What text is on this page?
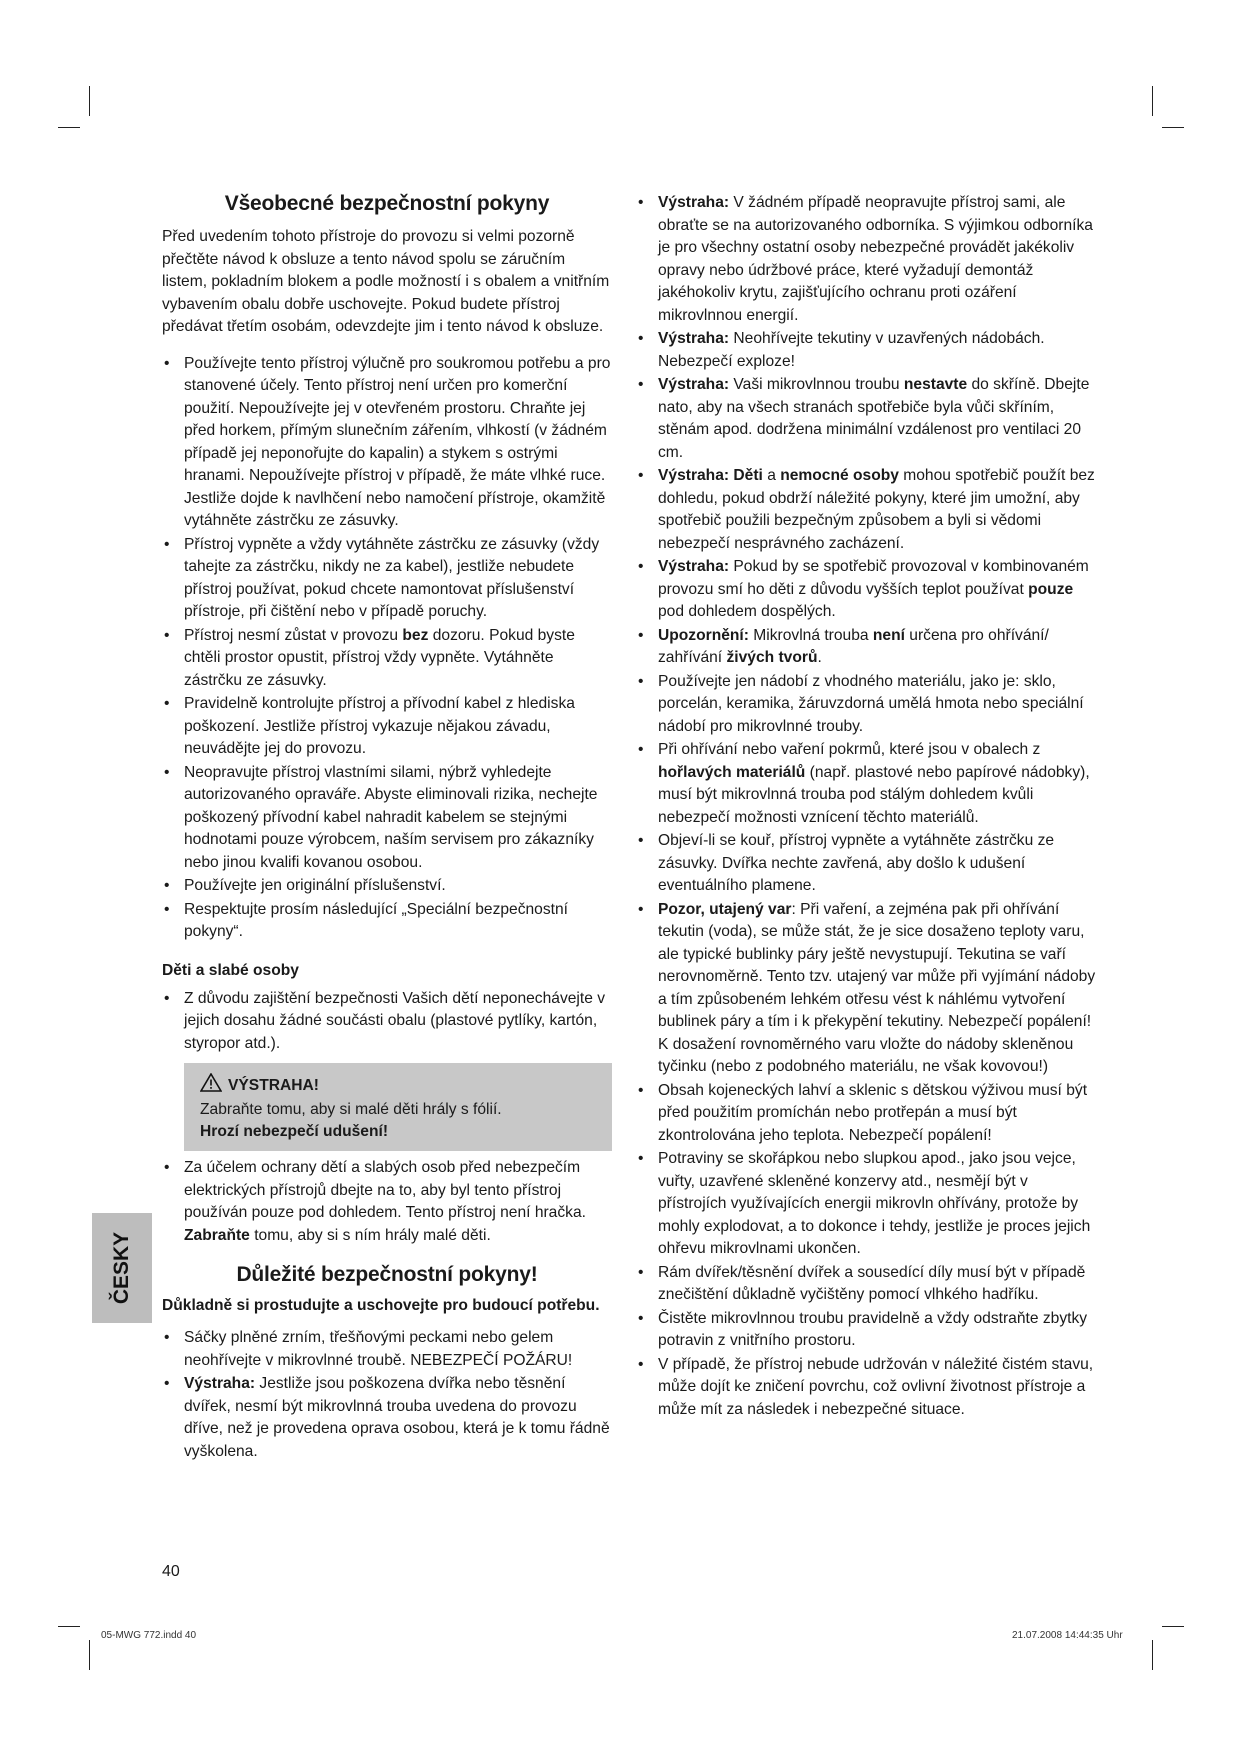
Všeobecné bezpečnostní pokyny

Před uvedením tohoto přístroje do provozu si velmi pozorně přečtěte návod k obsluze a tento návod spolu se záručním listem, pokladním blokem a podle možností i s obalem a vnitřním vybavením obalu dobře uschovejte. Pokud budete přístroj předávat třetím osobám, odevzdejte jim i tento návod k obsluze.

• Používejte tento přístroj výlučně pro soukromou potřebu a pro stanovené účely. Tento přístroj není určen pro komerční použití. Nepoužívejte jej v otevřeném prostoru. Chraňte jej před horkem, přímým slunečním zářením, vlhkostí (v žádném případě jej neponořujte do kapalin) a stykem s ostrými hranami. Nepoužívejte přístroj v případě, že máte vlhké ruce. Jestliže dojde k navlhčení nebo namočení přístroje, okamžitě vytáhněte zástrčku ze zásuvky.
• Přístroj vypněte a vždy vytáhněte zástrčku ze zásuvky (vždy tahejte za zástrčku, nikdy ne za kabel), jestliže nebudete přístroj používat, pokud chcete namontovat příslušenství přístroje, při čištění nebo v případě poruchy.
• Přístroj nesmí zůstat v provozu bez dozoru. Pokud byste chtěli prostor opustit, přístroj vždy vypněte. Vytáhněte zástrčku ze zásuvky.
• Pravidelně kontrolujte přístroj a přívodní kabel z hlediska poškození. Jestliže přístroj vykazuje nějakou závadu, neuvádějte jej do provozu.
• Neopravujte přístroj vlastními silami, nýbrž vyhledejte autorizovaného opraváře. Abyste eliminovali rizika, nechejte poškozený přívodní kabel nahradit kabelem se stejnými hodnotami pouze výrobcem, naším servisem pro zákazníky nebo jinou kvalifi kovanou osobou.
• Používejte jen originální příslušenství.
• Respektujte prosím následující „Speciální bezpečnostní pokyny“.
Děti a slabé osoby
• Z důvodu zajištění bezpečnosti Vašich dětí neponechávejte v jejich dosahu žádné součásti obalu (plastové pytlíky, kartón, styropor atd.).
VÝSTRAHA!
Zabraňte tomu, aby si malé děti hrály s fólií.
Hrozí nebezpečí udušení!
• Za účelem ochrany dětí a slabých osob před nebezpečím elektrických přístrojů dbejte na to, aby byl tento přístroj používán pouze pod dohledem. Tento přístroj není hračka. Zabraňte tomu, aby si s ním hrály malé děti.
Důležité bezpečnostní pokyny!
Důkladně si prostudujte a uschovejte pro budoucí potřebu.
• Sáčky plněné zrním, třešňovými peckami nebo gelem neohřívejte v mikrovlnné troubě. NEBEZPEČÍ POŽÁRU!
• Výstraha: Jestliže jsou poškozena dvířka nebo těsnění dvířek, nesmí být mikrovlnná trouba uvedena do provozu dříve, než je provedena oprava osobou, která je k tomu řádně vyškolena.
• Výstraha: V žádném případě neopravujte přístroj sami, ale obraťte se na autorizovaného odborníka. S výjimkou odborníka je pro všechny ostatní osoby nebezpečné provádět jakékoliv opravy nebo údržbové práce, které vyžadují demontáž jakéhokoliv krytu, zajišťujícího ochranu proti ozáření mikrovlnnou energií.
• Výstraha: Neohřívejte tekutiny v uzavřených nádobách. Nebezpečí exploze!
• Výstraha: Vaši mikrovlnnou troubu nestavte do skříně. Dbejte nato, aby na všech stranách spotřebiče byla vůči skříním, stěnám apod. dodržena minimální vzdálenost pro ventilaci 20 cm.
• Výstraha: Děti a nemocné osoby mohou spotřebič použít bez dohledu, pokud obdrží náležité pokyny, které jim umožní, aby spotřebič použili bezpečným způsobem a byli si vědomi nebezpečí nesprávného zacházení.
• Výstraha: Pokud by se spotřebič provozoval v kombinovaném provozu smí ho děti z důvodu vyšších teplot používat pouze pod dohledem dospělých.
• Upozornění: Mikrovlná trouba není určena pro ohřívání/ zahřívání živých tvorů.
• Používejte jen nádobí z vhodného materiálu, jako je: sklo, porcelán, keramika, žáruvzdorná umělá hmota nebo speciální nádobí pro mikrovlnné trouby.
• Při ohřívání nebo vaření pokrmů, které jsou v obalech z hořlavých materiálů (např. plastové nebo papírové nádobky), musí být mikrovlnná trouba pod stálým dohledem kvůli nebezpečí možnosti vznícení těchto materiálů.
• Objeví-li se kouř, přístroj vypněte a vytáhněte zástrčku ze zásuvky. Dvířka nechte zavřená, aby došlo k udušení eventuálního plamene.
• Pozor, utajený var: Při vaření, a zejména pak při ohřívání tekutin (voda), se může stát, že je sice dosaženo teploty varu, ale typické bublinky páry ještě nevystupují. Tekutina se vaří nerovnoměrně. Tento tzv. utajený var může při vyjímání nádoby a tím způsobeném lehkém otřesu vést k náhlému vytvoření bublinek páry a tím i k překypění tekutiny. Nebezpečí popálení! K dosažení rovnoměrného varu vložte do nádoby skleněnou tyčinku (nebo z podobného materiálu, ne však kovovou!)
• Obsah kojeneckých lahví a sklenic s dětskou výživou musí být před použitím promíchán nebo protřepán a musí být zkontrolována jeho teplota. Nebezpečí popálení!
• Potraviny se skořápkou nebo slupkou apod., jako jsou vejce, vuřty, uzavřené skleněné konzervy atd., nesmějí být v přístrojích využívajících energii mikrovln ohřívány, protože by mohly explodovat, a to dokonce i tehdy, jestliže je proces jejich ohřevu mikrovlnami ukončen.
• Rám dvířek/těsnění dvířek a sousedící díly musí být v případě znečištění důkladně vyčištěny pomocí vlhkého hadříku.
• Čistěte mikrovlnnou troubu pravidelně a vždy odstraňte zbytky potravin z vnitřního prostoru.
• V případě, že přístroj nebude udržován v náležité čistém stavu, může dojít ke zničení povrchu, což ovlivní životnost přístroje a může mít za následek i nebezpečné situace.
ČESKY
40
05-MWG 772.indd 40	21.07.2008 14:44:35 Uhr
